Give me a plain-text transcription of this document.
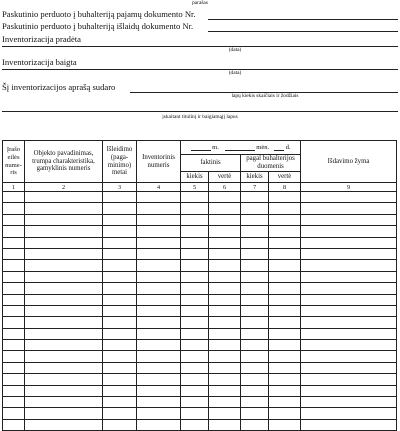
parašas
Paskutinio perduoto į buhalteriją pajamų dokumento Nr.
Paskutinio perduoto į buhalteriją išlaidų dokumento Nr.
Inventorizacija pradėta
(data)
Inventorizacija baigta
(data)
Šį inventorizacijos aprašą sudaro
lapų kiekis skaičiais ir žodžiais
įskaitant titulinį ir baigiamąjį lapus
Įrašo eilės nume-ris	Objekto pavadinimas, trumpa charakteristika, gamyklinis numeris	Išleidimo (paga-minimo) metai	Inventorinis numeris	m. mėn. d.				Išdavimo žyma
				faktinis		pagal buhalterijos duomenis		
				kiekis	vertė	kiekis	vertė	
1	2	3	4	5	6	7	8	9
